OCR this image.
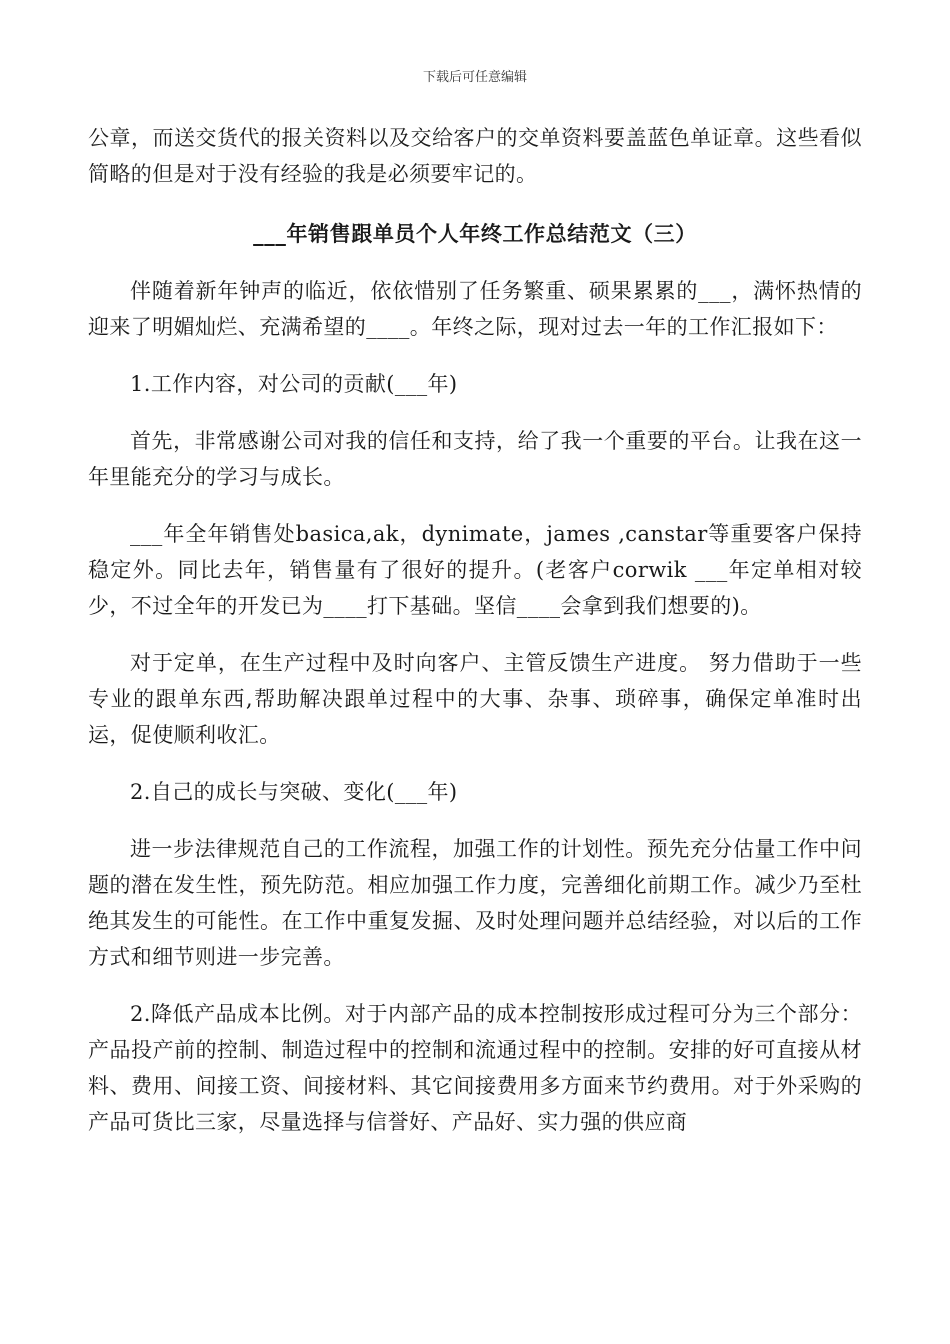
下载后可任意编辑

公章，而送交货代的报关资料以及交给客户的交单资料要盖蓝色单证章。这些看似简略的但是对于没有经验的我是必须要牢记的。

___年销售跟单员个人年终工作总结范文（三）

伴随着新年钟声的临近，依依惜别了任务繁重、硕果累累的___，满怀热情的迎来了明媚灿烂、充满希望的____。年终之际，现对过去一年的工作汇报如下：

1.工作内容，对公司的贡献(___年)

首先，非常感谢公司对我的信任和支持，给了我一个重要的平台。让我在这一年里能充分的学习与成长。

___年全年销售处basica,ak，dynimate，james ,canstar等重要客户保持稳定外。同比去年，销售量有了很好的提升。(老客户corwik ___年定单相对较少，不过全年的开发已为____打下基础。坚信____会拿到我们想要的)。

对于定单，在生产过程中及时向客户、主管反馈生产进度。 努力借助于一些专业的跟单东西,帮助解决跟单过程中的大事、杂事、琐碎事，确保定单准时出运，促使顺利收汇。

2.自己的成长与突破、变化(___年)

进一步法律规范自己的工作流程，加强工作的计划性。预先充分估量工作中问题的潜在发生性，预先防范。相应加强工作力度，完善细化前期工作。减少乃至杜绝其发生的可能性。在工作中重复发掘、及时处理问题并总结经验，对以后的工作方式和细节则进一步完善。

2.降低产品成本比例。对于内部产品的成本控制按形成过程可分为三个部分：产品投产前的控制、制造过程中的控制和流通过程中的控制。安排的好可直接从材料、费用、间接工资、间接材料、其它间接费用多方面来节约费用。对于外采购的产品可货比三家，尽量选择与信誉好、产品好、实力强的供应商
